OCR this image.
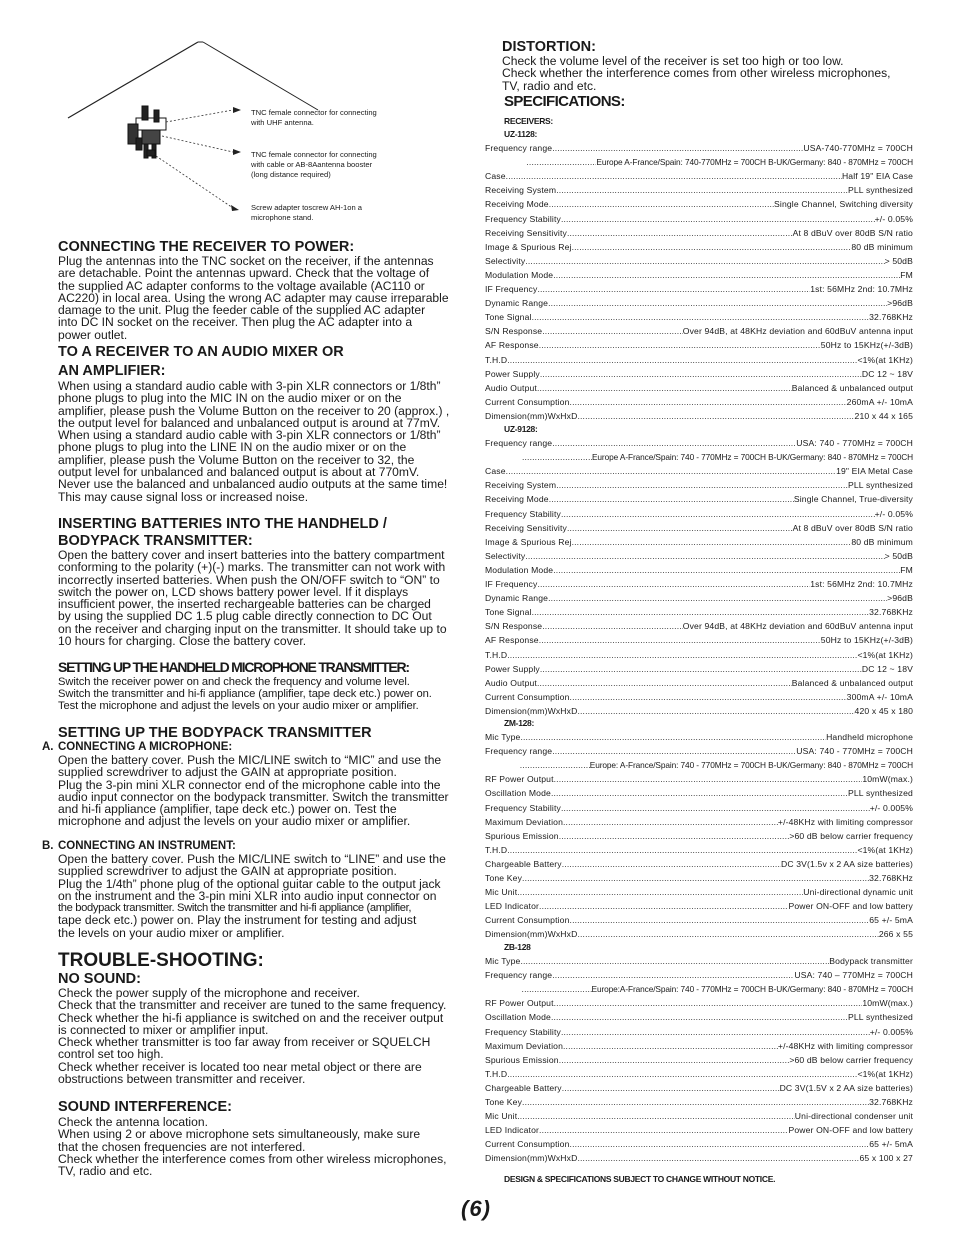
TNC female connector for connecting
with UHF antenna.
TNC female connector for connecting
with cable or AB-8Aantenna booster
(long distance required)
Screw adapter toscrew AH-1on a
microphone stand.
CONNECTING THE RECEIVER TO POWER:
Plug the antennas into the TNC socket on the receiver, if the antennas
are detachable. Point the antennas upward. Check that the voltage of
the supplied AC adapter conforms to the voltage available (AC110 or
AC220) in local area. Using the wrong AC adapter may cause irreparable
damage to the unit. Plug the feeder cable of the supplied AC adapter
into DC IN socket on the receiver. Then plug the AC adapter into a
power outlet.
TO A RECEIVER TO AN AUDIO MIXER OR
AN AMPLIFIER:
When using a standard audio cable with 3-pin XLR connectors or 1/8th”
phone plugs to plug into the MIC IN on the audio mixer or on the
amplifier, please push the Volume Button on the receiver to 20 (approx.) ,
the output level for balanced and unbalanced output is around at 77mV.
When using a standard audio cable with 3-pin XLR connectors or 1/8th”
phone plugs to plug into the LINE IN on the audio mixer or on the
amplifier, please push the Volume Button on the receiver to 32, the
output level for unbalanced and balanced output is about at 770mV.
Never use the balanced and unbalanced audio outputs at the same time!
This may cause signal loss or increased noise.
INSERTING BATTERIES INTO THE HANDHELD /
BODYPACK TRANSMITTER:
Open the battery cover and insert batteries into the battery compartment
conforming to the polarity (+)(-) marks. The transmitter can not work with
incorrectly inserted batteries. When push the ON/OFF switch to “ON” to
switch the power on, LCD shows battery power level. If it displays
insufficient power, the inserted rechargeable batteries can be charged
by using the supplied DC 1.5 plug cable directly connection to DC Out
on the receiver and charging input on the transmitter. It should take up to
10 hours for charging. Close the battery cover.
SETTING UP THE HANDHELD MICROPHONE TRANSMITTER:
Switch the receiver power on and check the frequency and volume level.
Switch the transmitter and hi-fi appliance (amplifier, tape deck etc.) power on.
Test the microphone and adjust the levels on your audio mixer or amplifier.
SETTING UP THE BODYPACK TRANSMITTER
A. CONNECTING A MICROPHONE:
Open the battery cover. Push the MIC/LINE switch to “MIC” and use the
supplied screwdriver to adjust the GAIN at appropriate position.
Plug the 3-pin mini XLR connector end of the microphone cable into the
audio input connector on the bodypack transmitter. Switch the transmitter
and hi-fi appliance (amplifier, tape deck etc.) power on. Test the
microphone and adjust the levels on your audio mixer or amplifier.
B. CONNECTING AN INSTRUMENT:
Open the battery cover. Push the MIC/LINE switch to “LINE” and use the
supplied screwdriver to adjust the GAIN at appropriate position.
Plug the 1/4th” phone plug of the optional guitar cable to the output jack
on the instrument and the 3-pin mini XLR into audio input connector on
the bodypack transmitter. Switch the transmitter and hi-fi appliance (amplifier,
tape deck etc.) power on. Play the instrument for testing and adjust
the levels on your audio mixer or amplifier.
TROUBLE-SHOOTING:
NO SOUND:
Check the power supply of the microphone and receiver.
Check that the transmitter and receiver are tuned to the same frequency.
Check whether the hi-fi appliance is switched on and the receiver output
is connected to mixer or amplifier input.
Check whether transmitter is too far away from receiver or SQUELCH
control set too high.
Check whether receiver is located too near metal object or there are
obstructions between transmitter and receiver.
SOUND INTERFERENCE:
Check the antenna location.
When using 2 or above microphone sets simultaneously, make sure
that the chosen frequencies are not interfered.
Check whether the interference comes from other wireless microphones,
TV, radio and etc.
DISTORTION:
Check the volume level of the receiver is set too high or too low.
Check whether the interference comes from other wireless microphones,
TV, radio and etc.
SPECIFICATIONS:
RECEIVERS:
UZ-1128:
Frequency range .....	USA-740-770MHz = 700CH
.....
Europe A-France/Spain: 740-770MHz = 700CH B-UK/Germany: 840 - 870MHz = 700CH
Case .....	Half 19" EIA Case
Receiving System .....	PLL synthesized
Receiving Mode .....	Single Channel, Switching diversity
Frequency Stability .....	+/- 0.05%
Receiving Sensitivity .....	At 8 dBuV over 80dB S/N ratio
Image & Spurious Rej. .....	80 dB minimum
Selectivity .....	> 50dB
Modulation Mode .....	FM
IF Frequency .....	1st: 56MHz 2nd: 10.7MHz
Dynamic Range .....	>96dB
Tone Signal .....	32.768KHz
S/N Response .....	Over 94dB, at 48KHz deviation and 60dBuV antenna input
AF Response .....	50Hz to 15KHz(+/-3dB)
T.H.D. .....	<1%(at 1KHz)
Power Supply .....	DC 12 ~ 18V
Audio Output .....	Balanced & unbalanced output
Current Consumption .....	260mA +/- 10mA
Dimension(mm)WxHxD .....	210 x 44 x 165
UZ-9128:
Frequency range .....	USA: 740 - 770MHz = 700CH
.....
Europe A-France/Spain: 740 - 770MHz = 700CH B-UK/Germany: 840 - 870MHz = 700CH
Case .....	19" EIA Metal Case
Receiving System .....	PLL synthesized
Receiving Mode .....	Single Channel, True-diversity
Frequency Stability .....	+/- 0.05%
Receiving Sensitivity .....	At 8 dBuV over 80dB S/N ratio
Image & Spurious Rej. .....	80 dB minimum
Selectivity .....	> 50dB
Modulation Mode .....	FM
IF Frequency .....	1st: 56MHz 2nd: 10.7MHz
Dynamic Range .....	>96dB
Tone Signal .....	32.768KHz
S/N Response .....	Over 94dB, at 48KHz deviation and 60dBuV antenna input
AF Response .....	50Hz to 15KHz(+/-3dB)
T.H.D. .....	<1%(at 1KHz)
Power Supply .....	DC 12 ~ 18V
Audio Output .....	Balanced & unbalanced output
Current Consumption .....	300mA +/- 10mA
Dimension(mm)WxHxD .....	420 x 45 x 180
ZM-128:
Mic Type .....	Handheld microphone
Frequency range .....	USA: 740 - 770MHz = 700CH
.....
Europe: A-France/Spain: 740 - 770MHz = 700CH B-UK/Germany: 840 - 870MHz = 700CH
RF Power Output .....	10mW(max.)
Oscillation Mode .....	PLL synthesized
Frequency Stability .....	+/- 0.005%
Maximum Deviation .....	+/-48KHz with limiting compressor
Spurious Emission .....	>60 dB below carrier frequency
T.H.D .....	<1%(at 1KHz)
Chargeable Battery .....	DC 3V(1.5v x 2 AA size batteries)
Tone Key .....	32.768KHz
Mic Unit .....	Uni-directional dynamic unit
LED Indicator .....	Power ON-OFF and low battery
Current Consumption .....	65 +/- 5mA
Dimension(mm)WxHxD .....	266 x 55
ZB-128
Mic Type .....	Bodypack transmitter
Frequency range .....	USA: 740 – 770MHz = 700CH
.....
Europe:A-France/Spain: 740 - 770MHz = 700CH B-UK/Germany: 840 - 870MHz = 700CH
RF Power Output .....	10mW(max.)
Oscillation Mode .....	PLL synthesized
Frequency Stability .....	+/- 0.005%
Maximum Deviation .....	+/-48KHz with limiting compressor
Spurious Emission .....	>60 dB below carrier frequency
T.H.D .....	<1%(at 1KHz)
Chargeable Battery .....	DC 3V(1.5V x 2 AA size batteries)
Tone Key .....	32.768KHz
Mic Unit .....	Uni-directional condenser unit
LED Indicator .....	Power ON-OFF and low battery
Current Consumption .....	65 +/- 5mA
Dimension(mm)WxHxD .....	65 x 100 x 27
DESIGN & SPECIFICATIONS SUBJECT TO CHANGE WITHOUT NOTICE.
(6)
